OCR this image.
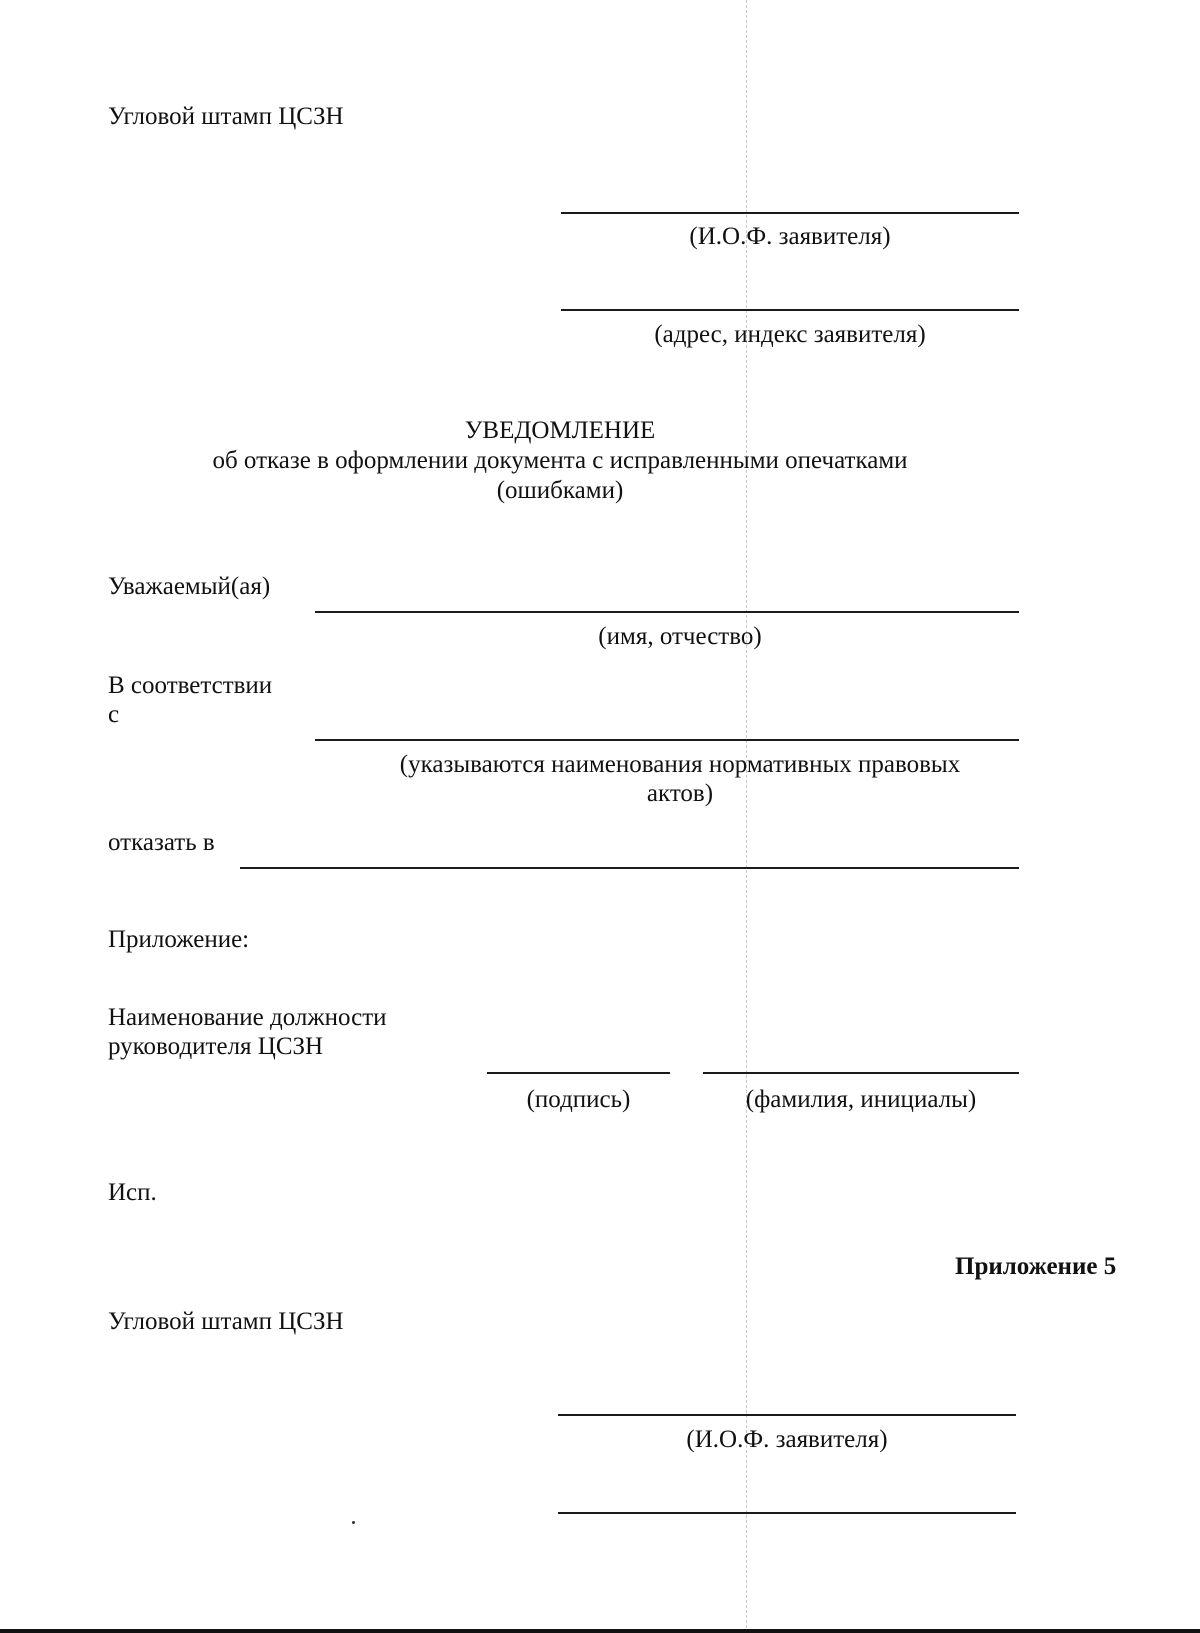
Угловой штамп ЦСЗН
(И.О.Ф. заявителя)
(адрес, индекс заявителя)
УВЕДОМЛЕНИЕ
об отказе в оформлении документа с исправленными опечатками
(ошибками)
Уважаемый(ая)
(имя, отчество)
В соответствии
с
(указываются наименования нормативных правовых
актов)
отказать в
Приложение:
Наименование должности
руководителя ЦСЗН
(подпись)	(фамилия, инициалы)
Исп.
Приложение 5
Угловой штамп ЦСЗН
(И.О.Ф. заявителя)
